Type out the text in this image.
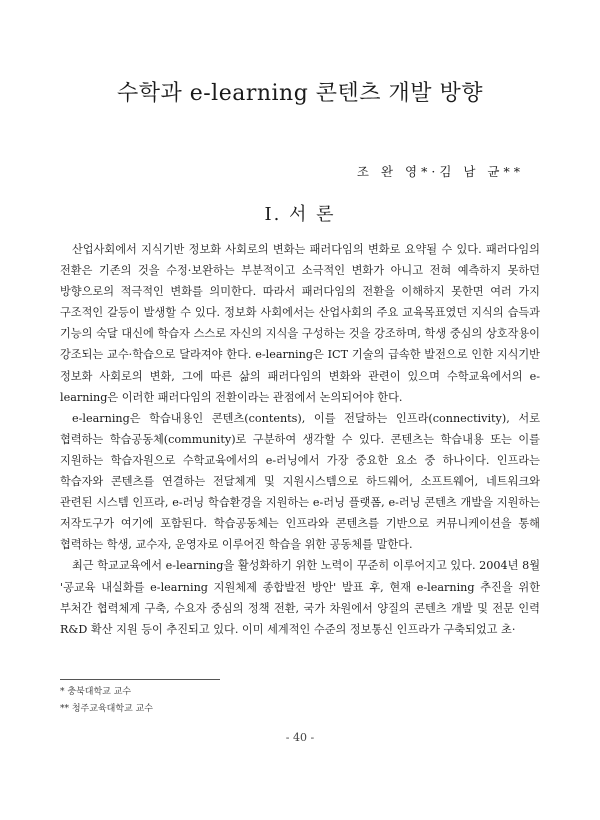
수학과 e-learning 콘텐츠 개발 방향
조 완 영*·김 남 균**
Ⅰ. 서 론

산업사회에서 지식기반 정보화 사회로의 변화는 패러다임의 변화로 요약될 수 있다. 패러다임의 전환은 기존의 것을 수정·보완하는 부분적이고 소극적인 변화가 아니고 전혀 예측하지 못하던 방향으로의 적극적인 변화를 의미한다. 따라서 패러다임의 전환을 이해하지 못한면 여러 가지 구조적인 갈등이 발생할 수 있다. 정보화 사회에서는 산업사회의 주요 교육목표였던 지식의 습득과 기능의 숙달 대신에 학습자 스스로 자신의 지식을 구성하는 것을 강조하며, 학생 중심의 상호작용이 강조되는 교수·학습으로 달라져야 한다. e-learning은 ICT 기술의 급속한 발전으로 인한 지식기반 정보화 사회로의 변화, 그에 따른 삶의 패러다임의 변화와 관련이 있으며 수학교육에서의 e-learning은 이러한 패러다임의 전환이라는 관점에서 논의되어야 한다.

e-learning은 학습내용인 콘텐츠(contents), 이를 전달하는 인프라(connectivity), 서로 협력하는 학습공동체(community)로 구분하여 생각할 수 있다. 콘텐츠는 학습내용 또는 이를 지원하는 학습자원으로 수학교육에서의 e-러닝에서 가장 중요한 요소 중 하나이다. 인프라는 학습자와 콘텐츠를 연결하는 전달체계 및 지원시스템으로 하드웨어, 소프트웨어, 네트워크와 관련된 시스템 인프라, e-러닝 학습환경을 지원하는 e-러닝 플랫폼, e-러닝 콘텐츠 개발을 지원하는 저작도구가 여기에 포함된다. 학습공동체는 인프라와 콘텐츠를 기반으로 커뮤니케이션을 통해 협력하는 학생, 교수자, 운영자로 이루어진 학습을 위한 공동체를 말한다.

최근 학교교육에서 e-learning을 활성화하기 위한 노력이 꾸준히 이루어지고 있다. 2004년 8월 '공교육 내실화를 e-learning 지원체제 종합발전 방안' 발표 후, 현재 e-learning 추진을 위한 부처간 협력체계 구축, 수요자 중심의 정책 전환, 국가 차원에서 양질의 콘텐츠 개발 및 전문 인력 R&D 확산 지원 등이 추진되고 있다. 이미 세계적인 수준의 정보통신 인프라가 구축되었고 초·

* 충북대학교 교수
** 청주교육대학교 교수
- 40 -
